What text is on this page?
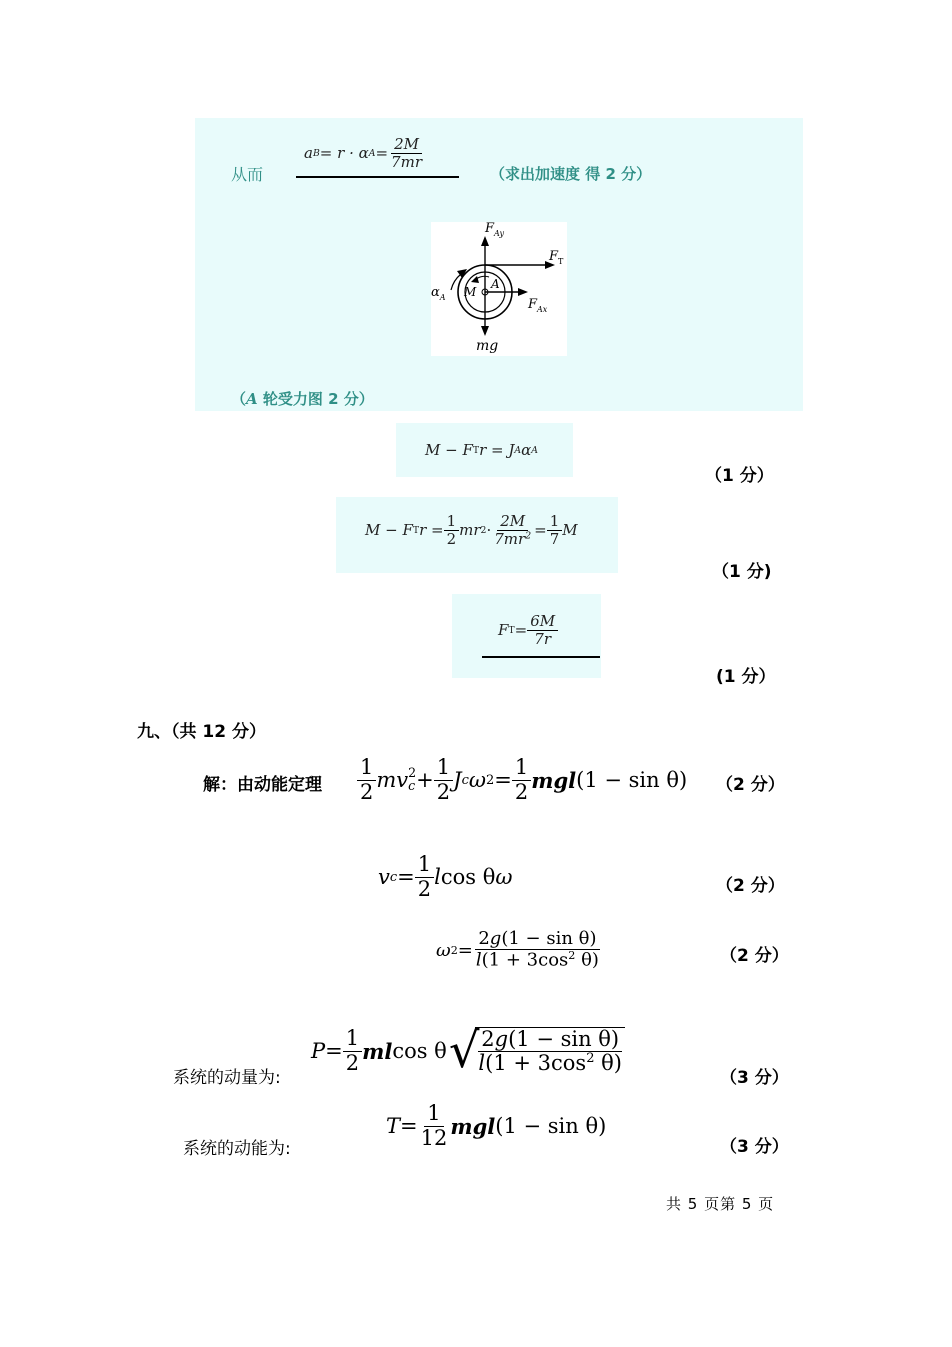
从而
a B = r · α $A = \frac{2M}{7mr}$
（求出加速度 得 2 分）
$F_{Ay}$
$F_T$
$F_{Ax}$
$\alpha_A$ M
A
mg
（A 轮受力图 2 分）
M − F T r = J A α A
（1 分）
M − F T $r = \frac{1}{2}$ mr $2 \cdot \frac{2M}{7mr^2} = \frac{1}{7}$ M
（1 分)
F $T = \frac{6M}{7r}$
(1 分）
九、（共 12 分）
解：由动能定理 $\frac{1}{2}$ mv 2
$c + \frac{1}{2}$ J c ω $2 = \frac{1}{2}$ mgl (1 − sin θ) （2 分）
v $c = \frac{1}{2}$ l cos θ ω	（2 分）
ω $2 = \frac{\text{2g(1 − sin θ)}}{l(1 + 3\cos^2 \theta)}$	（2 分）
系统的动量为:
$P = \frac{1}{2}$ ml cos θ √
$\frac{\text{2g(1 − sin θ)}}{l(1 + 3\cos^2 \theta)}$
（3 分）
系统的动能为:
$T = \frac{1}{12}$ mgl (1 − sin θ)
（3 分）
共 5 页第 5 页
